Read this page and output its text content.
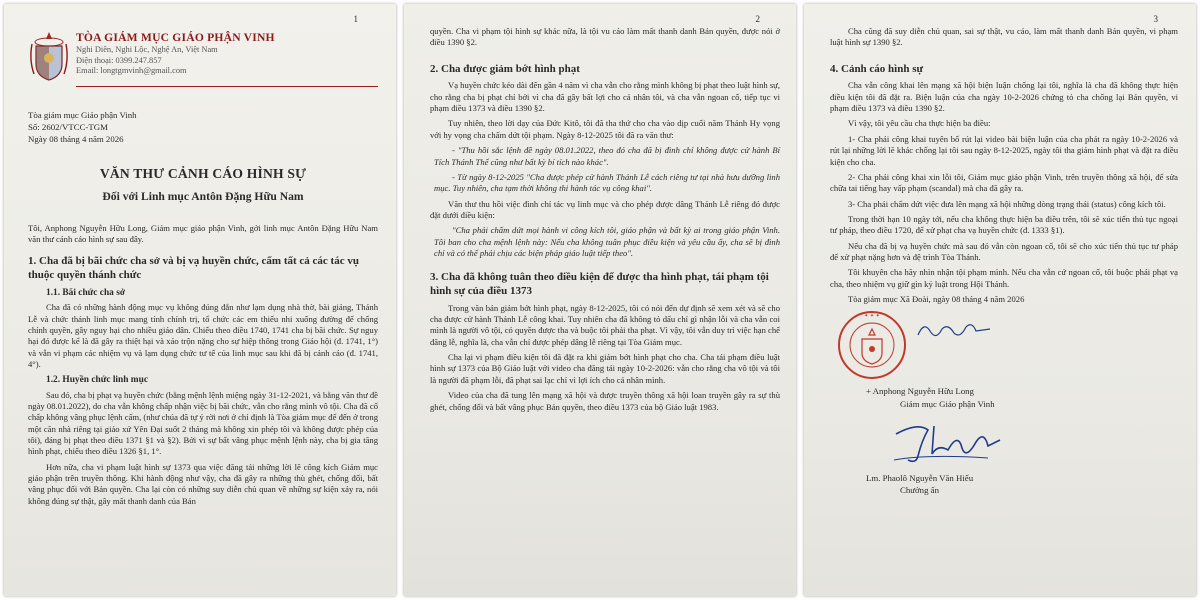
1
TÒA GIÁM MỤC GIÁO PHẬN VINH
Nghi Diên, Nghi Lộc, Nghệ An, Việt Nam
Điện thoại: 0399.247.857
Email: longtgmvinh@gmail.com
Tòa giám mục Giáo phận Vinh
Số: 2602/VTCC-TGM
Ngày 08 tháng 4 năm 2026
VĂN THƯ CẢNH CÁO HÌNH SỰ
Đối với Linh mục Antôn Đặng Hữu Nam

Tôi, Anphong Nguyễn Hữu Long, Giám mục giáo phận Vinh, gởi linh mục Antôn Đặng Hữu Nam văn thư cảnh cáo hình sự sau đây.

1. Cha đã bị bãi chức cha sở và bị vạ huyền chức, cấm tất cả các tác vụ thuộc quyền thánh chức
1.1. Bãi chức cha sở

Cha đã có những hành động mục vụ không đúng đắn như lạm dụng nhà thờ, bài giảng, Thánh Lễ và chức thánh linh mục mang tính chính trị, tổ chức các em thiếu nhi xuống đường để chống chính quyền, gây nguy hại cho nhiều giáo dân. Chiếu theo điều 1740, 1741 cha bị bãi chức. Sự nguy hại đó được kể là đã gây ra thiệt hại và xáo trộn nặng cho sự hiệp thông trong Giáo hội (đ. 1741, 1°) và vẫn vi phạm các nhiệm vụ và lạm dụng chức tư tế của linh mục sau khi đã bị cảnh cáo (đ. 1741, 4°).

1.2. Huyền chức linh mục

Sau đó, cha bị phạt vạ huyền chức (bằng mệnh lệnh miệng ngày 31-12-2021, và bằng văn thư đề ngày 08.01.2022), do cha vẫn không chấp nhận việc bị bãi chức, vẫn cho rằng mình vô tội. Cha đã cố chấp không vâng phục lệnh cấm, (như chúa đã tự ý rời nơi ở chỉ định là Tòa giám mục để đến ở trong một căn nhà riêng tại giáo xứ Yên Đại suốt 2 tháng mà không xin phép tôi và không được phép của tôi), đáng bị phạt theo điều 1371 §1 và §2). Bởi vì sự bất vâng phục mệnh lệnh này, cha bị gia tăng hình phạt, chiếu theo điều 1326 §1, 1°.

Hơn nữa, cha vi phạm luật hình sự 1373 qua việc đăng tải những lời lẽ công kích Giám mục giáo phận trên truyền thông. Khi hành động như vậy, cha đã gây ra những thù ghét, chống đối, bất vâng phục đối với Bản quyền. Cha lại còn có những suy diễn chủ quan về những sự kiện xảy ra, nói không đúng sự thật, gây mất thanh danh của Bản

2

quyền. Cha vi phạm tội hình sự khác nữa, là tội vu cáo làm mất thanh danh Bản quyền, được nói ở điều 1390 §2.

2. Cha được giảm bớt hình phạt

Vạ huyền chức kéo dài đến gần 4 năm vì cha vẫn cho rằng mình không bị phạt theo luật hình sự, cho rằng cha bị phạt chỉ bởi vì cha đã gây bất lợi cho cá nhân tôi, và cha vẫn ngoan cố, tiếp tục vi phạm điều 1373 và điều 1390 §2.

Tuy nhiên, theo lời dạy của Đức Kitô, tôi đã tha thứ cho cha vào dịp cuối năm Thánh Hy vọng với hy vọng cha chấm dứt tội phạm. Ngày 8-12-2025 tôi đã ra văn thư:

- "Thu hồi sắc lệnh đề ngày 08.01.2022, theo đó cha đã bị đình chỉ không được cử hành Bí Tích Thánh Thể cũng như bất kỳ bí tích nào khác".

- Từ ngày 8-12-2025 "Cha được phép cử hành Thánh Lễ cách riêng tư tại nhà hưu dưỡng linh mục. Tuy nhiên, cha tạm thời không thi hành tác vụ công khai".

Văn thư thu hồi việc đình chỉ tác vụ linh mục và cho phép được dâng Thánh Lễ riêng đó được đặt dưới điều kiện:

"Cha phải chấm dứt mọi hành vi công kích tôi, giáo phận và bất kỳ ai trong giáo phận Vinh. Tôi ban cho cha mệnh lệnh này: Nếu cha không tuân phục điều kiện và yêu cầu ấy, cha sẽ bị đình chỉ và có thể phải chịu các biện pháp giáo luật tiếp theo".

3. Cha đã không tuân theo điều kiện để được tha hình phạt, tái phạm tội hình sự của điều 1373

Trong văn bản giảm bớt hình phạt, ngày 8-12-2025, tôi có nói đến dự định sẽ xem xét và sẽ cho cha được cử hành Thánh Lễ công khai. Tuy nhiên cha đã không tỏ dấu chỉ gì nhận lỗi và cha vẫn coi mình là người vô tội, có quyền được tha và buộc tôi phải tha phạt. Vì vậy, tôi vẫn duy trì việc hạn chế đăng lễ, nghĩa là, cha vẫn chỉ được phép dâng lễ riêng tại Tòa Giám mục.

Cha lại vi phạm điều kiện tôi đã đặt ra khi giảm bớt hình phạt cho cha. Cha tái phạm điều luật hình sự 1373 của Bộ Giáo luật với video cha đăng tải ngày 10-2-2026: vẫn cho rằng cha vô tội và tôi là người đã phạm lỗi, đã phạt sai lạc chỉ vì lợi ích cho cá nhân mình.

Video của cha đã tung lên mạng xã hội và được truyền thông xã hội loan truyền gây ra sự thù ghét, chống đối và bất vâng phục Bản quyền, theo điều 1373 của bộ Giáo luật 1983.

3

Cha cũng đã suy diễn chủ quan, sai sự thật, vu cáo, làm mất thanh danh Bản quyền, vi phạm luật hình sự 1390 §2.

4. Cảnh cáo hình sự

Cha vẫn công khai lên mạng xã hội biện luận chống lại tôi, nghĩa là cha đã không thực hiện điều kiện tôi đã đặt ra. Biện luận của cha ngày 10-2-2026 chứng tỏ cha chống lại Bản quyền, vi phạm điều 1373 và điều 1390 §2.

Vì vậy, tôi yêu cầu cha thực hiện ba điều:

1- Cha phải công khai tuyên bố rút lại video bài biện luận của cha phát ra ngày 10-2-2026 và rút lại những lời lẽ khác chống lại tôi sau ngày 8-12-2025, ngày tôi tha giảm hình phạt và đặt ra điều kiện cho cha.

2- Cha phải công khai xin lỗi tôi, Giám mục giáo phận Vinh, trên truyền thông xã hội, để sửa chữa tai tiếng hay vấp phạm (scandal) mà cha đã gây ra.

3- Cha phải chấm dứt việc đưa lên mạng xã hội những dòng trạng thái (status) công kích tôi.

Trong thời hạn 10 ngày tới, nếu cha không thực hiện ba điều trên, tôi sẽ xúc tiến thủ tục ngoại tư pháp, theo điều 1720, để xử phạt cha vạ huyền chức (đ. 1333 §1).

Nếu cha đã bị vạ huyền chức mà sau đó vẫn còn ngoan cố, tôi sẽ cho xúc tiến thủ tục tư pháp để xử phạt nặng hơn và đệ trình Tòa Thánh.

Tôi khuyên cha hãy nhìn nhận tội phạm mình. Nếu cha vẫn cứ ngoan cố, tôi buộc phải phạt vạ cha, theo nhiệm vụ giữ gìn kỷ luật trong Hội Thánh.

Tòa giám mục Xã Đoài, ngày 08 tháng 4 năm 2026

✦ ✦ ✦
+ Anphong Nguyễn Hữu Long
Giám mục Giáo phận Vinh
Lm. Phaolô Nguyễn Văn Hiếu
Chưởng ấn
